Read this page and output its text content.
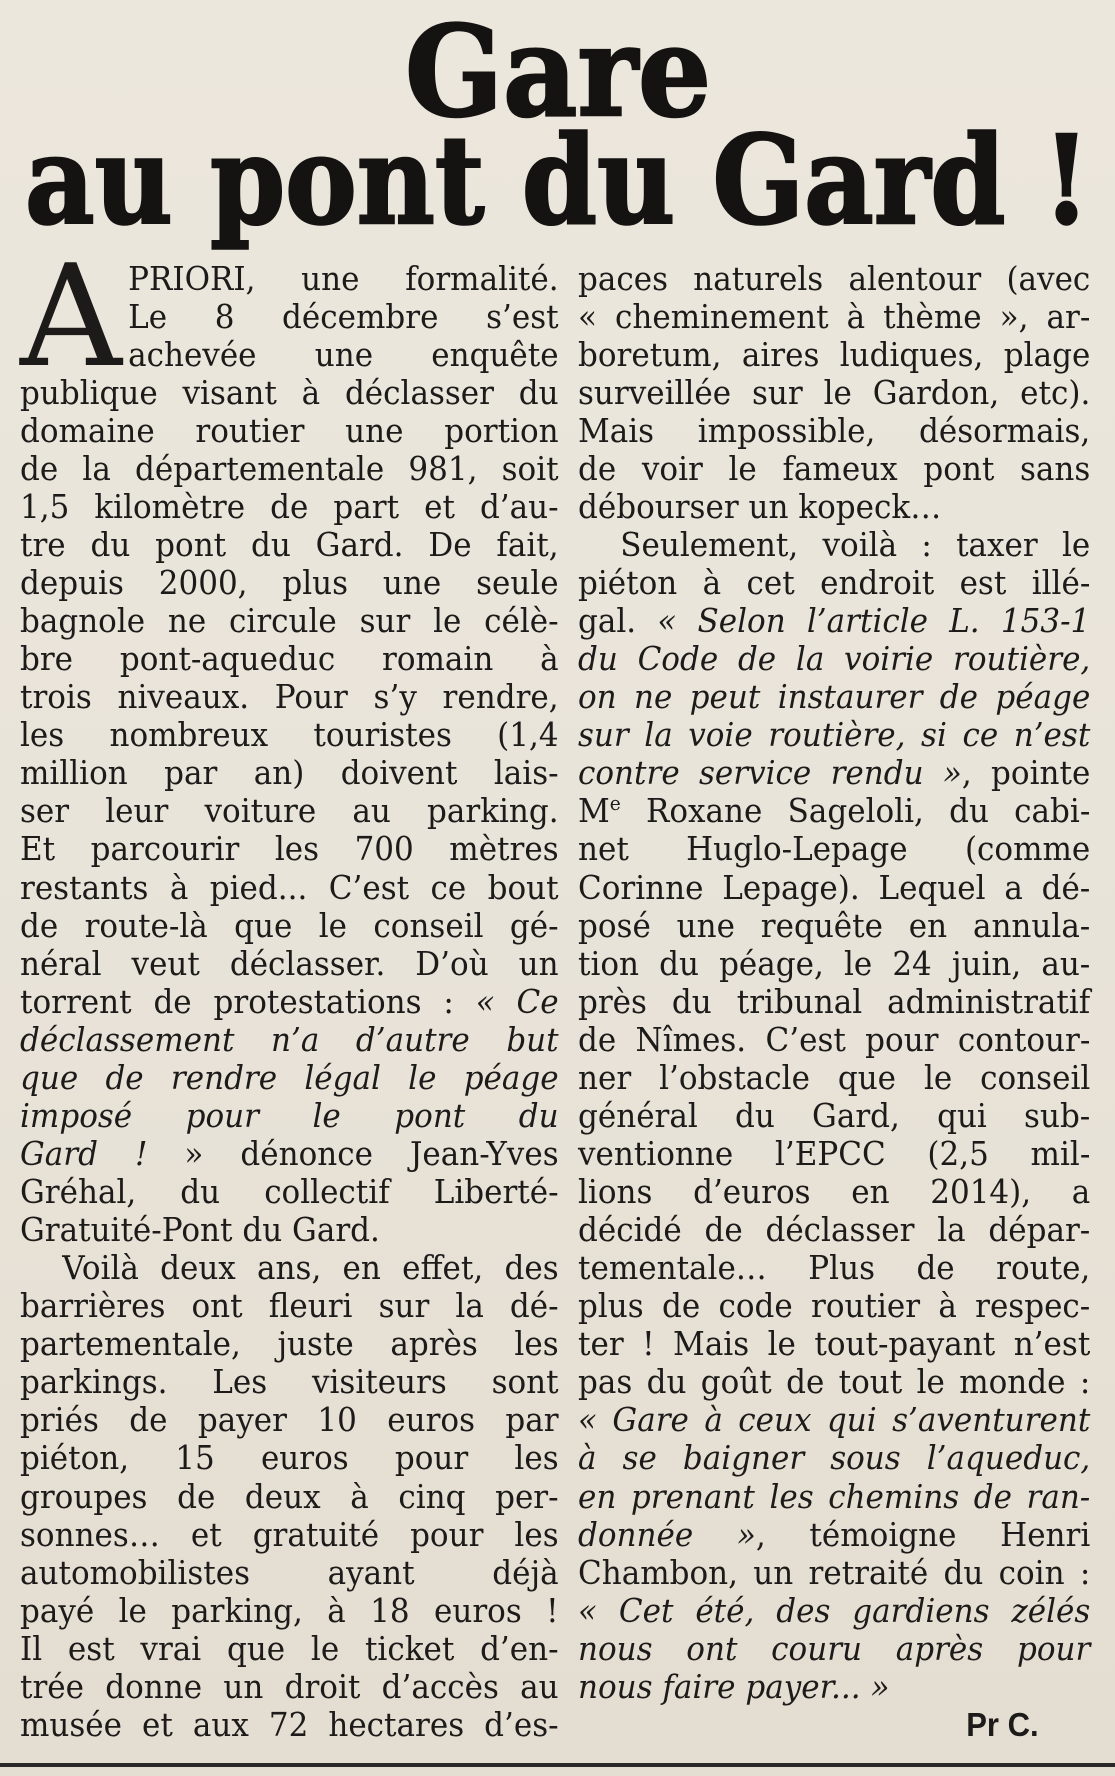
Gare
au pont du Gard !
A PRIORI, une formalité.
Le 8 décembre s’est
achevée une enquête
publique visant à déclasser du
domaine routier une portion
de la départementale 981, soit
1,5 kilomètre de part et d’au-
tre du pont du Gard. De fait,
depuis 2000, plus une seule
bagnole ne circule sur le célè-
bre pont-aqueduc romain à
trois niveaux. Pour s’y rendre,
les nombreux touristes (1,4
million par an) doivent lais-
ser leur voiture au parking.
Et parcourir les 700 mètres
restants à pied... C’est ce bout
de route-là que le conseil gé-
néral veut déclasser. D’où un
torrent de protestations : « Ce
déclassement n’a d’autre but
que de rendre légal le péage
imposé pour le pont du
Gard ! » dénonce Jean-Yves
Gréhal, du collectif Liberté-
Gratuité-Pont du Gard.
Voilà deux ans, en effet, des
barrières ont fleuri sur la dé-
partementale, juste après les
parkings. Les visiteurs sont
priés de payer 10 euros par
piéton, 15 euros pour les
groupes de deux à cinq per-
sonnes… et gratuité pour les
automobilistes ayant déjà
payé le parking, à 18 euros !
Il est vrai que le ticket d’en-
trée donne un droit d’accès au
musée et aux 72 hectares d’es-
paces naturels alentour (avec
« cheminement à thème », ar-
boretum, aires ludiques, plage
surveillée sur le Gardon, etc).
Mais impossible, désormais,
de voir le fameux pont sans
débourser un kopeck…
Seulement, voilà : taxer le
piéton à cet endroit est illé-
gal. « Selon l’article L. 153-1
du Code de la voirie routière,
on ne peut instaurer de péage
sur la voie routière, si ce n’est
contre service rendu », pointe
Me Roxane Sageloli, du cabi-
net Huglo-Lepage (comme
Corinne Lepage). Lequel a dé-
posé une requête en annula-
tion du péage, le 24 juin, au-
près du tribunal administratif
de Nîmes. C’est pour contour-
ner l’obstacle que le conseil
général du Gard, qui sub-
ventionne l’EPCC (2,5 mil-
lions d’euros en 2014), a
décidé de déclasser la dépar-
tementale… Plus de route,
plus de code routier à respec-
ter ! Mais le tout-payant n’est
pas du goût de tout le monde :
« Gare à ceux qui s’aventurent
à se baigner sous l’aqueduc,
en prenant les chemins de ran-
donnée », témoigne Henri
Chambon, un retraité du coin :
« Cet été, des gardiens zélés
nous ont couru après pour
nous faire payer... »
Pr C.
